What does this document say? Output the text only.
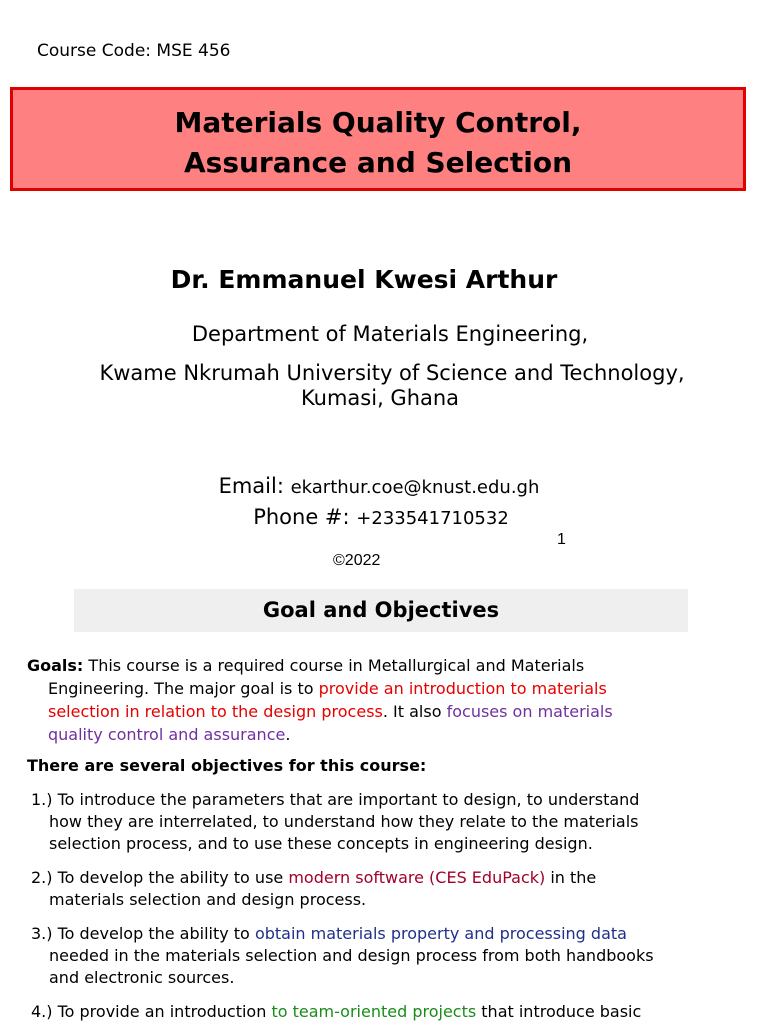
Course Code: MSE 456
Materials Quality Control,
Assurance and Selection
Dr. Emmanuel Kwesi Arthur
Department of Materials Engineering,
Kwame Nkrumah University of Science and Technology,
Kumasi, Ghana
Email: ekarthur.coe@knust.edu.gh
Phone #: +233541710532
1
©2022
Goal and Objectives
Goals: This course is a required course in Metallurgical and Materials
Engineering. The major goal is to provide an introduction to materials
selection in relation to the design process. It also focuses on materials
quality control and assurance.
There are several objectives for this course:
1.) To introduce the parameters that are important to design, to understand
how they are interrelated, to understand how they relate to the materials
selection process, and to use these concepts in engineering design.
2.) To develop the ability to use modern software (CES EduPack) in the
materials selection and design process.
3.) To develop the ability to obtain materials property and processing data
needed in the materials selection and design process from both handbooks
and electronic sources.
4.) To provide an introduction to team-oriented projects that introduce basic
